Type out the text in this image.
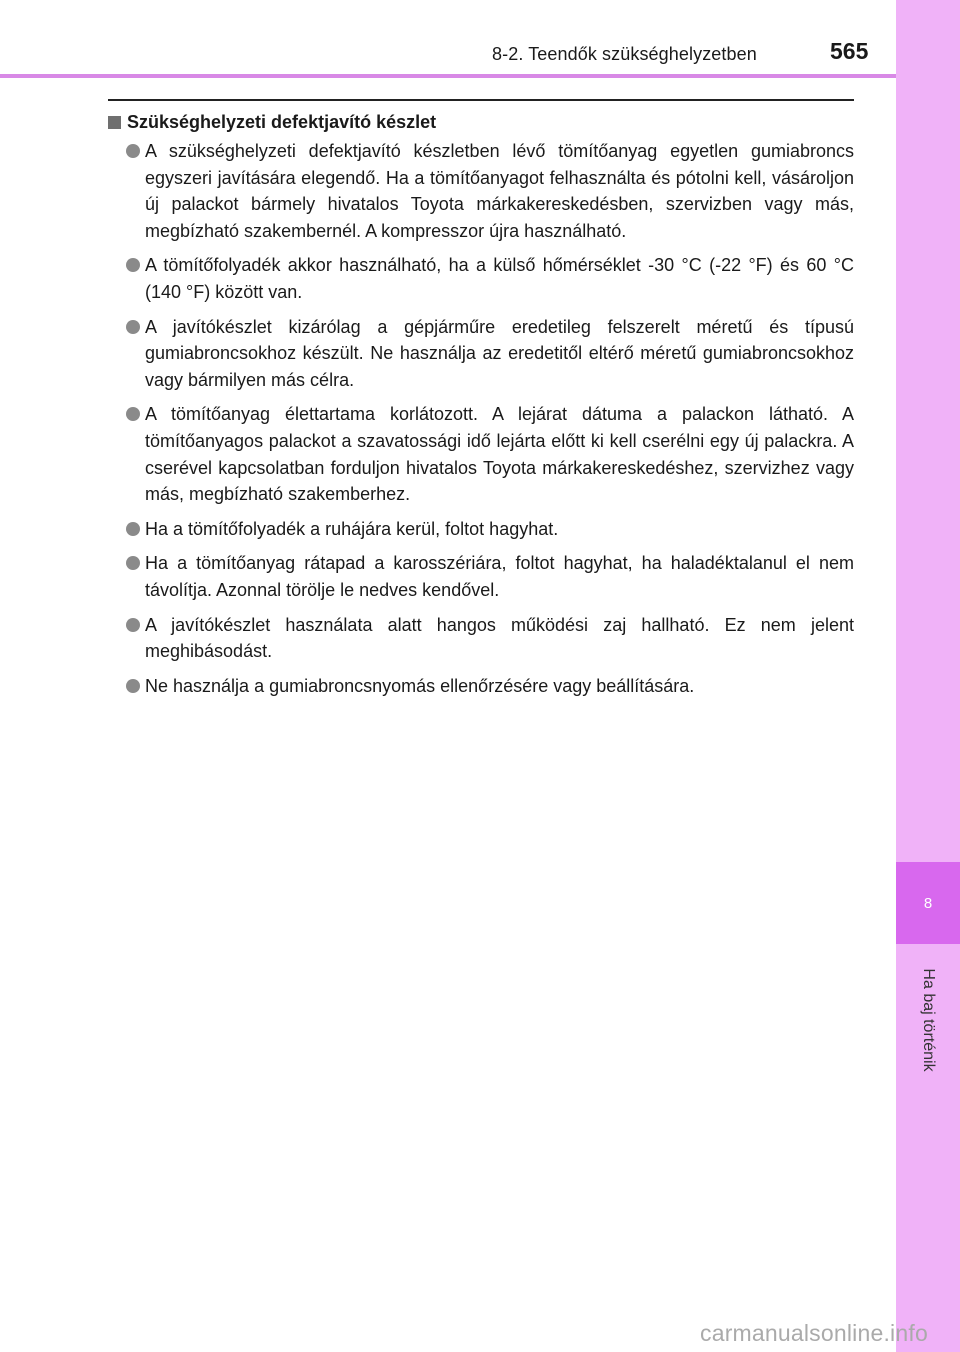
8-2. Teendők szükséghelyzetben	565
8
Ha baj történik
Szükséghelyzeti defektjavító készlet
A szükséghelyzeti defektjavító készletben lévő tömítőanyag egyetlen gumiabroncs egyszeri javítására elegendő. Ha a tömítőanyagot felhasználta és pótolni kell, vásároljon új palackot bármely hivatalos Toyota márkakereskedésben, szervizben vagy más, megbízható szakembernél. A kompresszor újra használható.
A tömítőfolyadék akkor használható, ha a külső hőmérséklet -30 °C (-22 °F) és 60 °C (140 °F) között van.
A javítókészlet kizárólag a gépjárműre eredetileg felszerelt méretű és típusú gumiabroncsokhoz készült. Ne használja az eredetitől eltérő méretű gumiabroncsokhoz vagy bármilyen más célra.
A tömítőanyag élettartama korlátozott. A lejárat dátuma a palackon látható. A tömítőanyagos palackot a szavatossági idő lejárta előtt ki kell cserélni egy új palackra. A cserével kapcsolatban forduljon hivatalos Toyota márkakereskedéshez, szervizhez vagy más, megbízható szakemberhez.
Ha a tömítőfolyadék a ruhájára kerül, foltot hagyhat.
Ha a tömítőanyag rátapad a karosszériára, foltot hagyhat, ha haladéktalanul el nem távolítja. Azonnal törölje le nedves kendővel.
A javítókészlet használata alatt hangos működési zaj hallható. Ez nem jelent meghibásodást.
Ne használja a gumiabroncsnyomás ellenőrzésére vagy beállítására.
carmanualsonline.info
